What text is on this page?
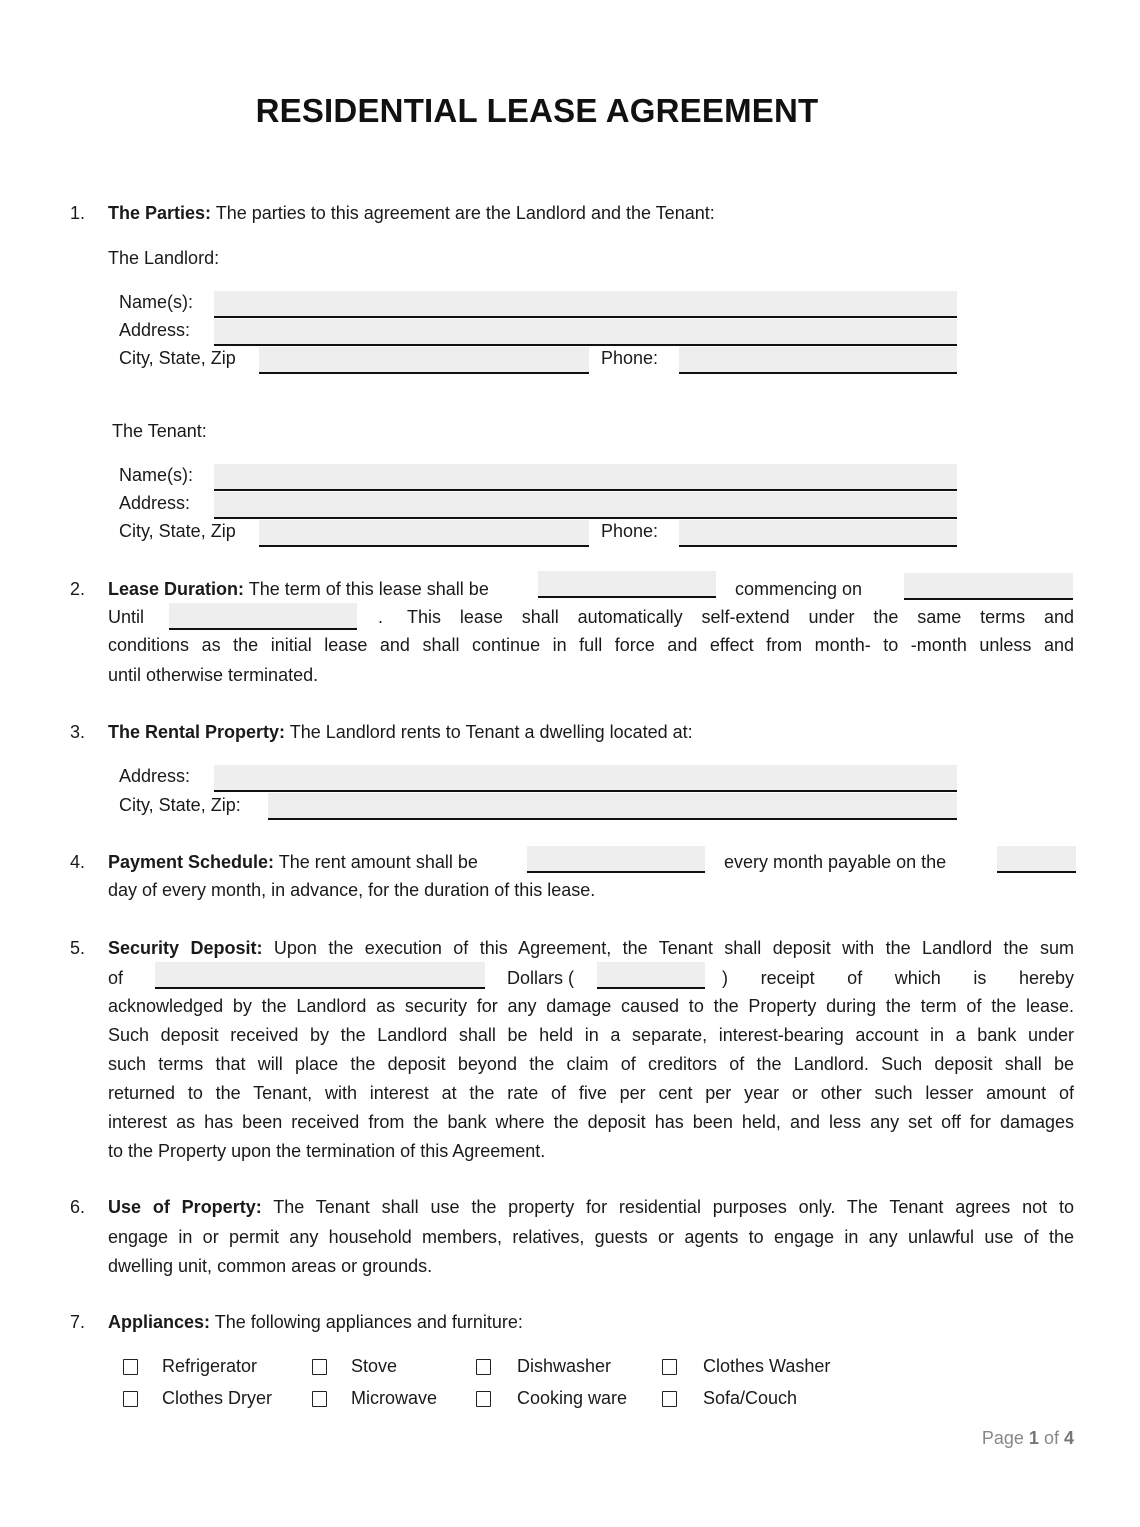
RESIDENTIAL LEASE AGREEMENT
1. The Parties: The parties to this agreement are the Landlord and the Tenant:
The Landlord:
Name(s):
Address:
City, State, Zip	Phone:
The Tenant:
Name(s):
Address:
City, State, Zip	Phone:
2. Lease Duration: The term of this lease shall be	commencing on
Until	. This lease shall automatically self-extend under the same terms and
conditions as the initial lease and shall continue in full force and effect from month- to -month unless and
until otherwise terminated.
3. The Rental Property: The Landlord rents to Tenant a dwelling located at:
Address:
City, State, Zip:
4. Payment Schedule: The rent amount shall be	every month payable on the
day of every month, in advance, for the duration of this lease.
5. Security Deposit: Upon the execution of this Agreement, the Tenant shall deposit with the Landlord the sum
of	Dollars (	) receipt of which is hereby
acknowledged by the Landlord as security for any damage caused to the Property during the term of the lease.
Such deposit received by the Landlord shall be held in a separate, interest-bearing account in a bank under
such terms that will place the deposit beyond the claim of creditors of the Landlord. Such deposit shall be
returned to the Tenant, with interest at the rate of five per cent per year or other such lesser amount of
interest as has been received from the bank where the deposit has been held, and less any set off for damages
to the Property upon the termination of this Agreement.
6. Use of Property: The Tenant shall use the property for residential purposes only. The Tenant agrees not to
engage in or permit any household members, relatives, guests or agents to engage in any unlawful use of the
dwelling unit, common areas or grounds.
7. Appliances: The following appliances and furniture:
Refrigerator	Stove	Dishwasher	Clothes Washer
Clothes Dryer	Microwave	Cooking ware	Sofa/Couch
Page 1 of 4
